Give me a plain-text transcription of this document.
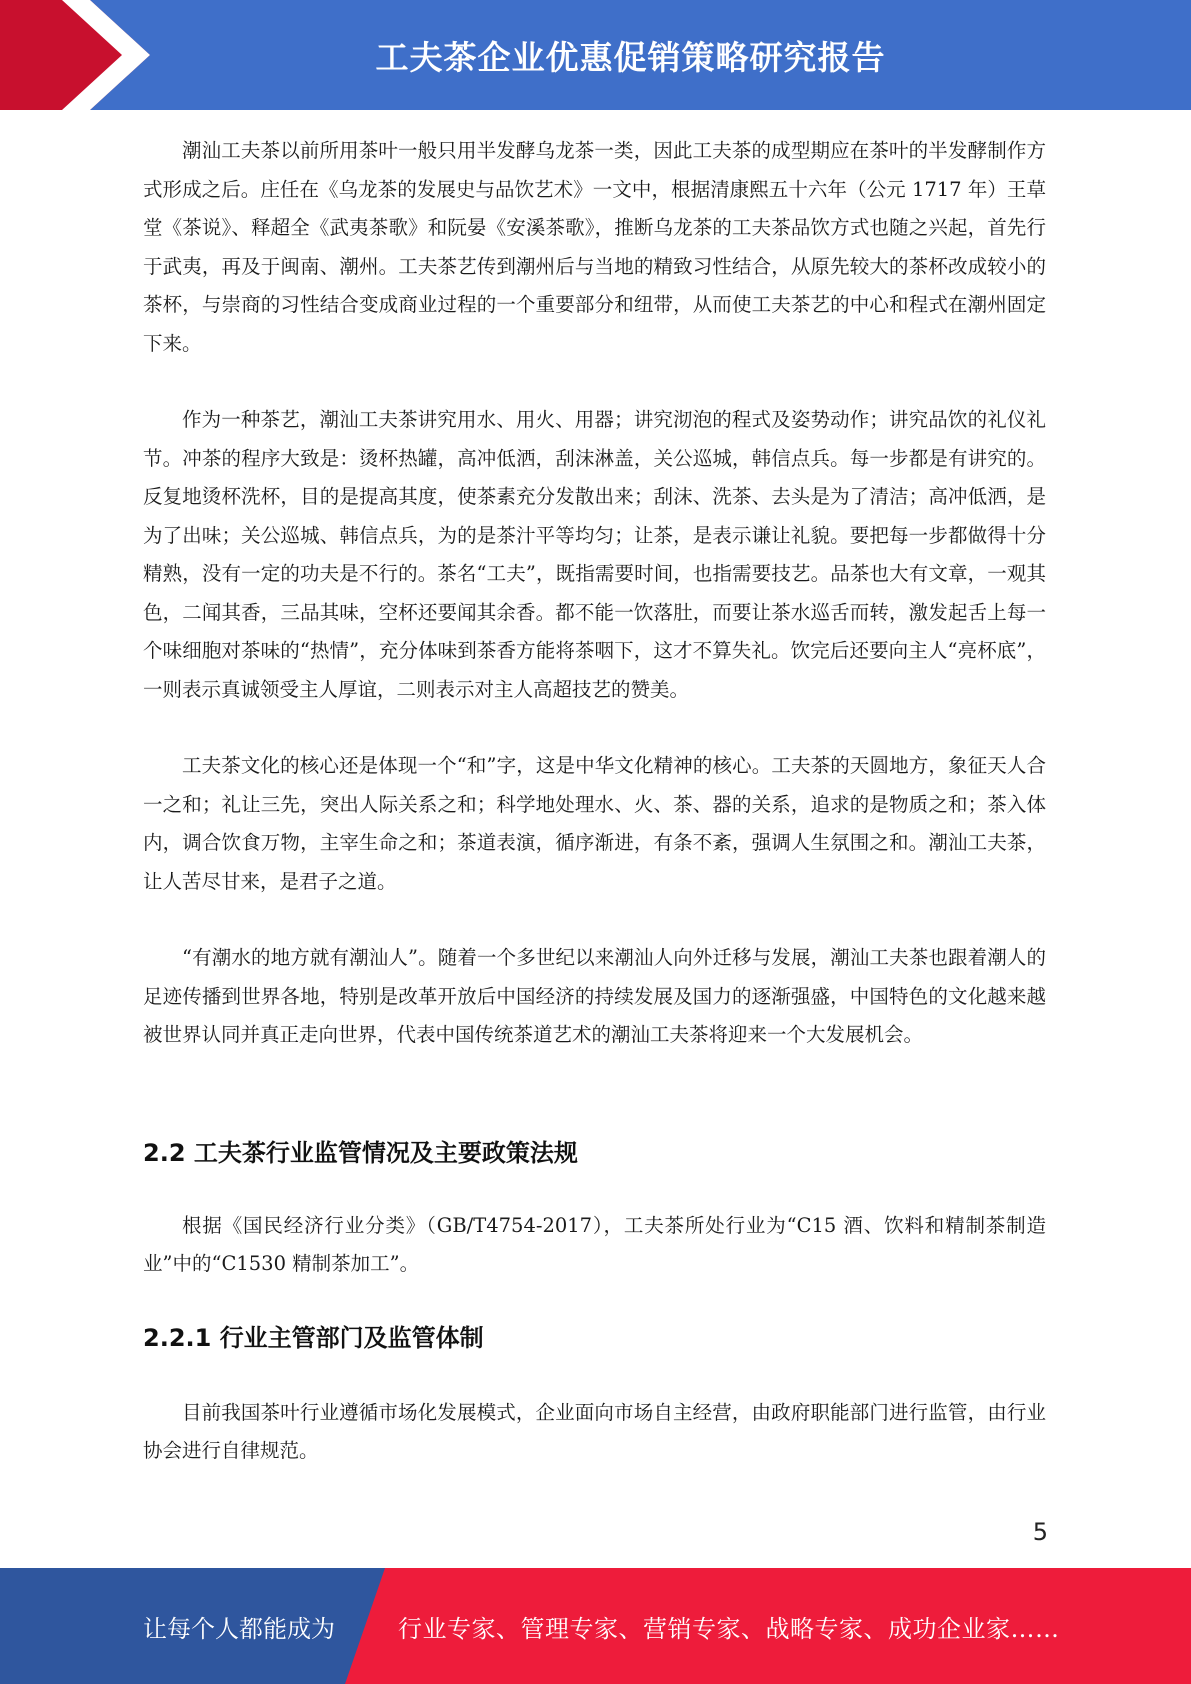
工夫茶企业优惠促销策略研究报告

潮汕工夫茶以前所用茶叶一般只用半发酵乌龙茶一类，因此工夫茶的成型期应在茶叶的半发酵制作方式形成之后。庄任在《乌龙茶的发展史与品饮艺术》一文中，根据清康熙五十六年（公元 1717 年）王草堂《茶说》、释超全《武夷茶歌》和阮晏《安溪茶歌》，推断乌龙茶的工夫茶品饮方式也随之兴起，首先行于武夷，再及于闽南、潮州。工夫茶艺传到潮州后与当地的精致习性结合，从原先较大的茶杯改成较小的茶杯，与崇商的习性结合变成商业过程的一个重要部分和纽带，从而使工夫茶艺的中心和程式在潮州固定下来。

作为一种茶艺，潮汕工夫茶讲究用水、用火、用器；讲究沏泡的程式及姿势动作；讲究品饮的礼仪礼节。冲茶的程序大致是：烫杯热罐，高冲低洒，刮沫淋盖，关公巡城，韩信点兵。每一步都是有讲究的。反复地烫杯洗杯，目的是提高其度，使茶素充分发散出来；刮沫、洗茶、去头是为了清洁；高冲低洒，是为了出味；关公巡城、韩信点兵，为的是茶汁平等均匀；让茶，是表示谦让礼貌。要把每一步都做得十分精熟，没有一定的功夫是不行的。茶名“工夫”，既指需要时间，也指需要技艺。品茶也大有文章，一观其色，二闻其香，三品其味，空杯还要闻其余香。都不能一饮落肚，而要让茶水巡舌而转，激发起舌上每一个味细胞对茶味的“热情”，充分体味到茶香方能将茶咽下，这才不算失礼。饮完后还要向主人“亮杯底”，一则表示真诚领受主人厚谊，二则表示对主人高超技艺的赞美。

工夫茶文化的核心还是体现一个“和”字，这是中华文化精神的核心。工夫茶的天圆地方，象征天人合一之和；礼让三先，突出人际关系之和；科学地处理水、火、茶、器的关系，追求的是物质之和；茶入体内，调合饮食万物，主宰生命之和；茶道表演，循序渐进，有条不紊，强调人生氛围之和。潮汕工夫茶，让人苦尽甘来，是君子之道。

“有潮水的地方就有潮汕人”。随着一个多世纪以来潮汕人向外迁移与发展，潮汕工夫茶也跟着潮人的足迹传播到世界各地，特别是改革开放后中国经济的持续发展及国力的逐渐强盛，中国特色的文化越来越被世界认同并真正走向世界，代表中国传统茶道艺术的潮汕工夫茶将迎来一个大发展机会。

2.2 工夫茶行业监管情况及主要政策法规

根据《国民经济行业分类》（GB/T4754-2017），工夫茶所处行业为“C15 酒、饮料和精制茶制造业”中的“C1530 精制茶加工”。

2.2.1 行业主管部门及监管体制

目前我国茶叶行业遵循市场化发展模式，企业面向市场自主经营，由政府职能部门进行监管，由行业协会进行自律规范。

5
让每个人都能成为	行业专家、管理专家、营销专家、战略专家、成功企业家……
